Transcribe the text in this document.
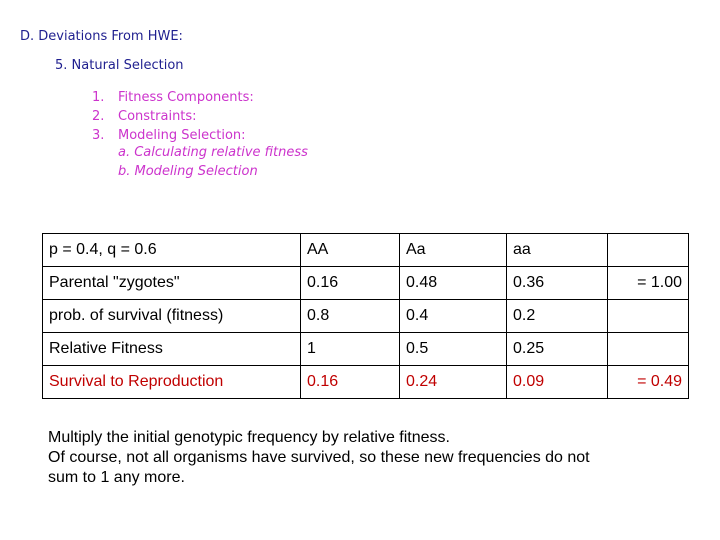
D. Deviations From HWE:
5. Natural Selection
1. Fitness Components:
2. Constraints:
3. Modeling Selection:
a. Calculating relative fitness
b. Modeling Selection
p = 0.4, q = 0.6	AA	Aa	aa	
Parental "zygotes"	0.16	0.48	0.36	= 1.00
prob. of survival (fitness)	0.8	0.4	0.2	
Relative Fitness	1	0.5	0.25	
Survival to Reproduction	0.16	0.24	0.09	= 0.49
Multiply the initial genotypic frequency by relative fitness.
Of course, not all organisms have survived, so these new frequencies do not
sum to 1 any more.
